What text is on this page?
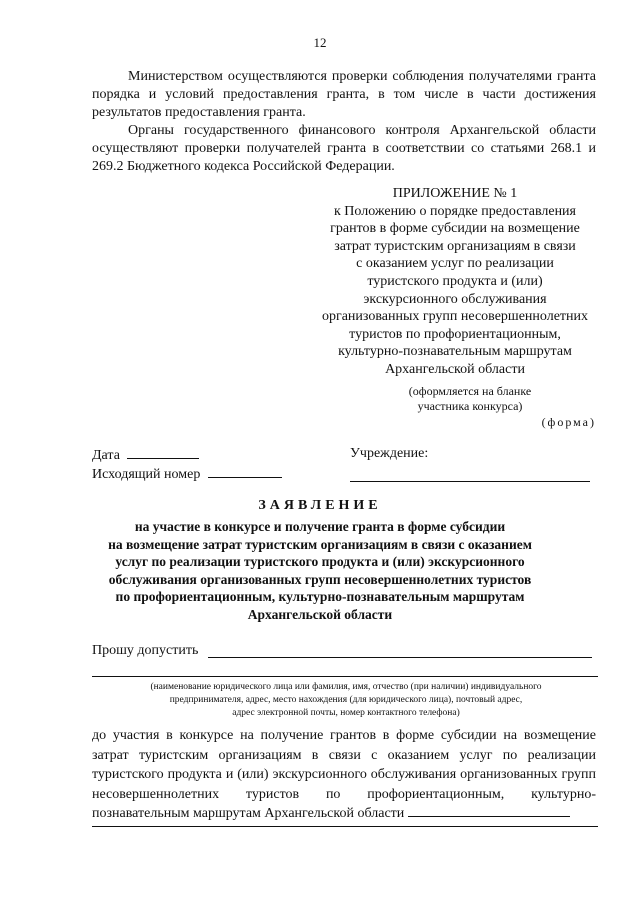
12

Министерством осуществляются проверки соблюдения получателями гранта порядка и условий предоставления гранта, в том числе в части достижения результатов предоставления гранта.

Органы государственного финансового контроля Архангельской области осуществляют проверки получателей гранта в соответствии со статьями 268.1 и 269.2 Бюджетного кодекса Российской Федерации.

ПРИЛОЖЕНИЕ № 1
к Положению о порядке предоставления
грантов в форме субсидии на возмещение
затрат туристским организациям в связи
с оказанием услуг по реализации
туристского продукта и (или)
экскурсионного обслуживания
организованных групп несовершеннолетних
туристов по профориентационным,
культурно-познавательным маршрутам
Архангельской области
(оформляется на бланке
участника конкурса)
(форма)
Дата
Исходящий номер
Учреждение:
ЗАЯВЛЕНИЕ
на участие в конкурсе и получение гранта в форме субсидии
на возмещение затрат туристским организациям в связи с оказанием
услуг по реализации туристского продукта и (или) экскурсионного
обслуживания организованных групп несовершеннолетних туристов
по профориентационным, культурно-познавательным маршрутам
Архангельской области
Прошу допустить
(наименование юридического лица или фамилия, имя, отчество (при наличии) индивидуального
предпринимателя, адрес, место нахождения (для юридического лица), почтовый адрес,
адрес электронной почты, номер контактного телефона)

до участия в конкурсе на получение грантов в форме субсидии на возмещение затрат туристским организациям в связи с оказанием услуг по реализации туристского продукта и (или) экскурсионного обслуживания организованных групп несовершеннолетних туристов по профориентационным, культурно-познавательным маршрутам Архангельской области
